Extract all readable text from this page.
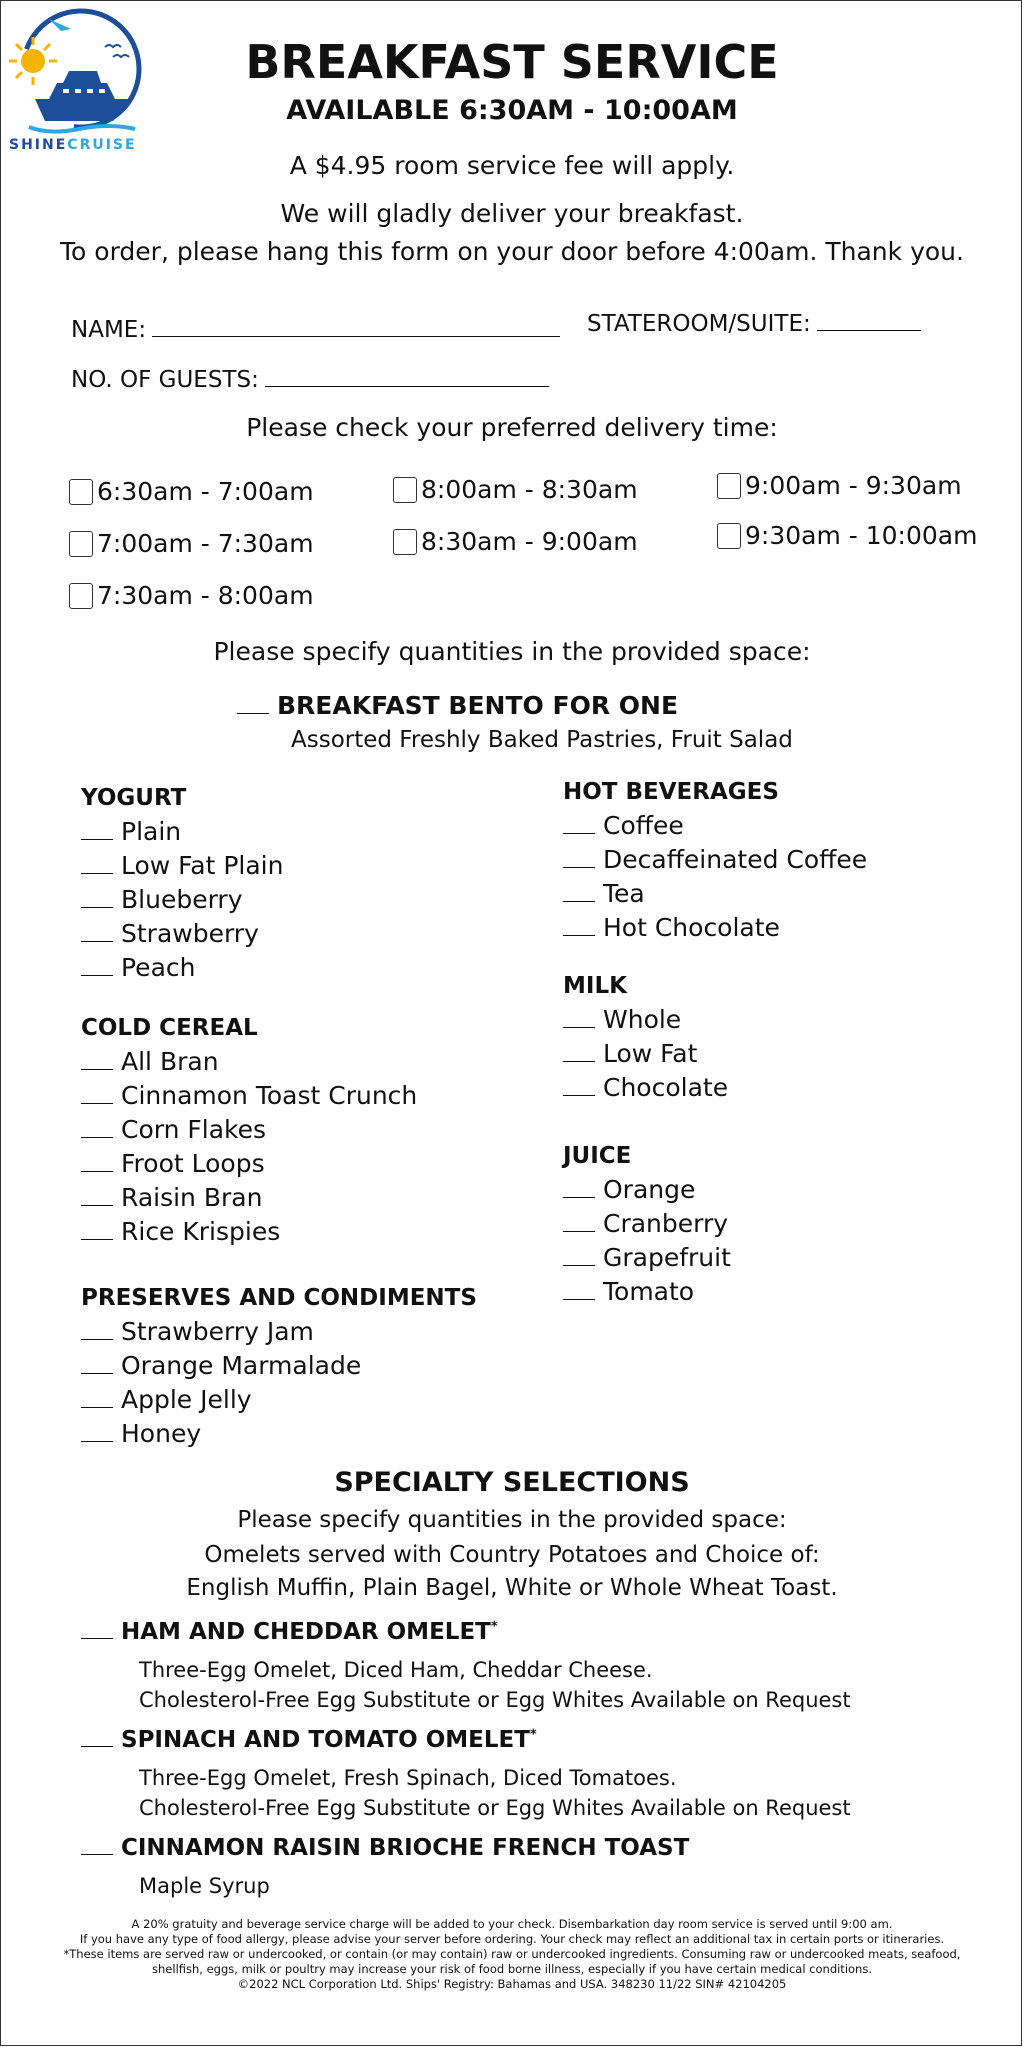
SHINECRUISE
BREAKFAST SERVICE
AVAILABLE 6:30AM - 10:00AM
A $4.95 room service fee will apply.
We will gladly deliver your breakfast.
To order, please hang this form on your door before 4:00am. Thank you.
NAME:	STATEROOM/SUITE:
NO. OF GUESTS:
Please check your preferred delivery time:
6:30am - 7:00am
7:00am - 7:30am
7:30am - 8:00am
8:00am - 8:30am
8:30am - 9:00am
9:00am - 9:30am
9:30am - 10:00am
Please specify quantities in the provided space:
BREAKFAST BENTO FOR ONE
Assorted Freshly Baked Pastries, Fruit Salad
YOGURT
Plain
Low Fat Plain
Blueberry
Strawberry
Peach
COLD CEREAL
All Bran
Cinnamon Toast Crunch
Corn Flakes
Froot Loops
Raisin Bran
Rice Krispies
PRESERVES AND CONDIMENTS
Strawberry Jam
Orange Marmalade
Apple Jelly
Honey
HOT BEVERAGES
Coffee
Decaffeinated Coffee
Tea
Hot Chocolate
MILK
Whole
Low Fat
Chocolate
JUICE
Orange
Cranberry
Grapefruit
Tomato
SPECIALTY SELECTIONS
Please specify quantities in the provided space:
Omelets served with Country Potatoes and Choice of:
English Muffin, Plain Bagel, White or Whole Wheat Toast.
HAM AND CHEDDAR OMELET*
Three-Egg Omelet, Diced Ham, Cheddar Cheese.
Cholesterol-Free Egg Substitute or Egg Whites Available on Request
SPINACH AND TOMATO OMELET*
Three-Egg Omelet, Fresh Spinach, Diced Tomatoes.
Cholesterol-Free Egg Substitute or Egg Whites Available on Request
CINNAMON RAISIN BRIOCHE FRENCH TOAST
Maple Syrup
A 20% gratuity and beverage service charge will be added to your check. Disembarkation day room service is served until 9:00 am.
If you have any type of food allergy, please advise your server before ordering. Your check may reflect an additional tax in certain ports or itineraries.
*These items are served raw or undercooked, or contain (or may contain) raw or undercooked ingredients. Consuming raw or undercooked meats, seafood,
shellfish, eggs, milk or poultry may increase your risk of food borne illness, especially if you have certain medical conditions.
©2022 NCL Corporation Ltd. Ships' Registry: Bahamas and USA. 348230 11/22 SIN# 42104205
